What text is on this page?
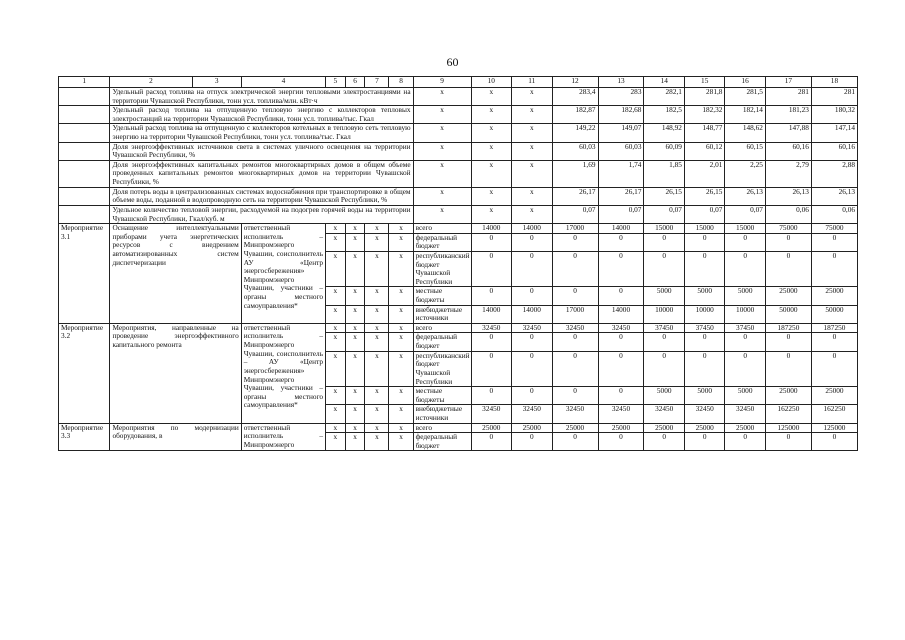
60
1	2	3	4	5	6	7	8	9	10	11	12	13	14	15	16	17	18
	Удельный расход топлива на отпуск электрической энергии тепловыми электростанциями на территории Чувашской Республики, тонн усл. топлива/млн. кВт·ч							x	x	x	283,4	283	282,1	281,8	281,5	281	281
	Удельный расход топлива на отпущенную тепловую энергию с коллекторов тепловых электростанций на территории Чувашской Республики, тонн усл. топлива/тыс. Гкал							x	x	x	182,87	182,68	182,5	182,32	182,14	181,23	180,32
	Удельный расход топлива на отпущенную с коллекторов котельных в тепловую сеть тепловую энергию на территории Чувашской Республики, тонн усл. топлива/тыс. Гкал							x	x	x	149,22	149,07	148,92	148,77	148,62	147,88	147,14
	Доля энергоэффективных источников света в системах уличного освещения на территории Чувашской Республики, %							x	x	x	60,03	60,03	60,09	60,12	60,15	60,16	60,16
	Доля энергоэффективных капитальных ремонтов многоквартирных домов в общем объеме проведенных капитальных ремонтов многоквартирных домов на территории Чувашской Республики, %							x	x	x	1,69	1,74	1,85	2,01	2,25	2,79	2,88
	Доля потерь воды в централизованных системах водоснабжения при транспортировке в общем объеме воды, поданной в водопроводную сеть на территории Чувашской Республики, %							x	x	x	26,17	26,17	26,15	26,15	26,13	26,13	26,13
	Удельное количество тепловой энергии, расходуемой на подогрев горячей воды на территории Чувашской Республики, Гкал/куб. м							x	x	x	0,07	0,07	0,07	0,07	0,07	0,06	0,06
Мероприятие 3.1	Оснащение интеллектуальными приборами учета энергетических ресурсов с внедрением автоматизированных систем диспетчеризации		ответственный исполнитель – Минпромэнерго Чувашии, соисполнитель АУ «Центр энергосбережения» Минпромэнерго Чувашии, участники – органы местного самоуправления*	x	x	x	x	всего	14000	14000	17000	14000	15000	15000	15000	75000	75000
				x	x	x	x	федеральный бюджет	0	0	0	0	0	0	0	0	0
				x	x	x	x	республиканский бюджет Чувашской Республики	0	0	0	0	0	0	0	0	0
				x	x	x	x	местные бюджеты	0	0	0	0	5000	5000	5000	25000	25000
				x	x	x	x	внебюджетные источники	14000	14000	17000	14000	10000	10000	10000	50000	50000
Мероприятие 3.2	Мероприятия, направленные на проведение энергоэффективного капитального ремонта		ответственный исполнитель – Минпромэнерго Чувашии, соисполнитель – АУ «Центр энергосбережения» Минпромэнерго Чувашии, участники – органы местного самоуправления*	x	x	x	x	всего	32450	32450	32450	32450	37450	37450	37450	187250	187250
				x	x	x	x	федеральный бюджет	0	0	0	0	0	0	0	0	0
				x	x	x	x	республиканский бюджет Чувашской Республики	0	0	0	0	0	0	0	0	0
				x	x	x	x	местные бюджеты	0	0	0	0	5000	5000	5000	25000	25000
				x	x	x	x	внебюджетные источники	32450	32450	32450	32450	32450	32450	32450	162250	162250
Мероприятие 3.3	Мероприятия по модернизации оборудования, в		ответственный исполнитель – Минпромэнерго	x	x	x	x	всего	25000	25000	25000	25000	25000	25000	25000	125000	125000
				x	x	x	x	федеральный бюджет	0	0	0	0	0	0	0	0	0
